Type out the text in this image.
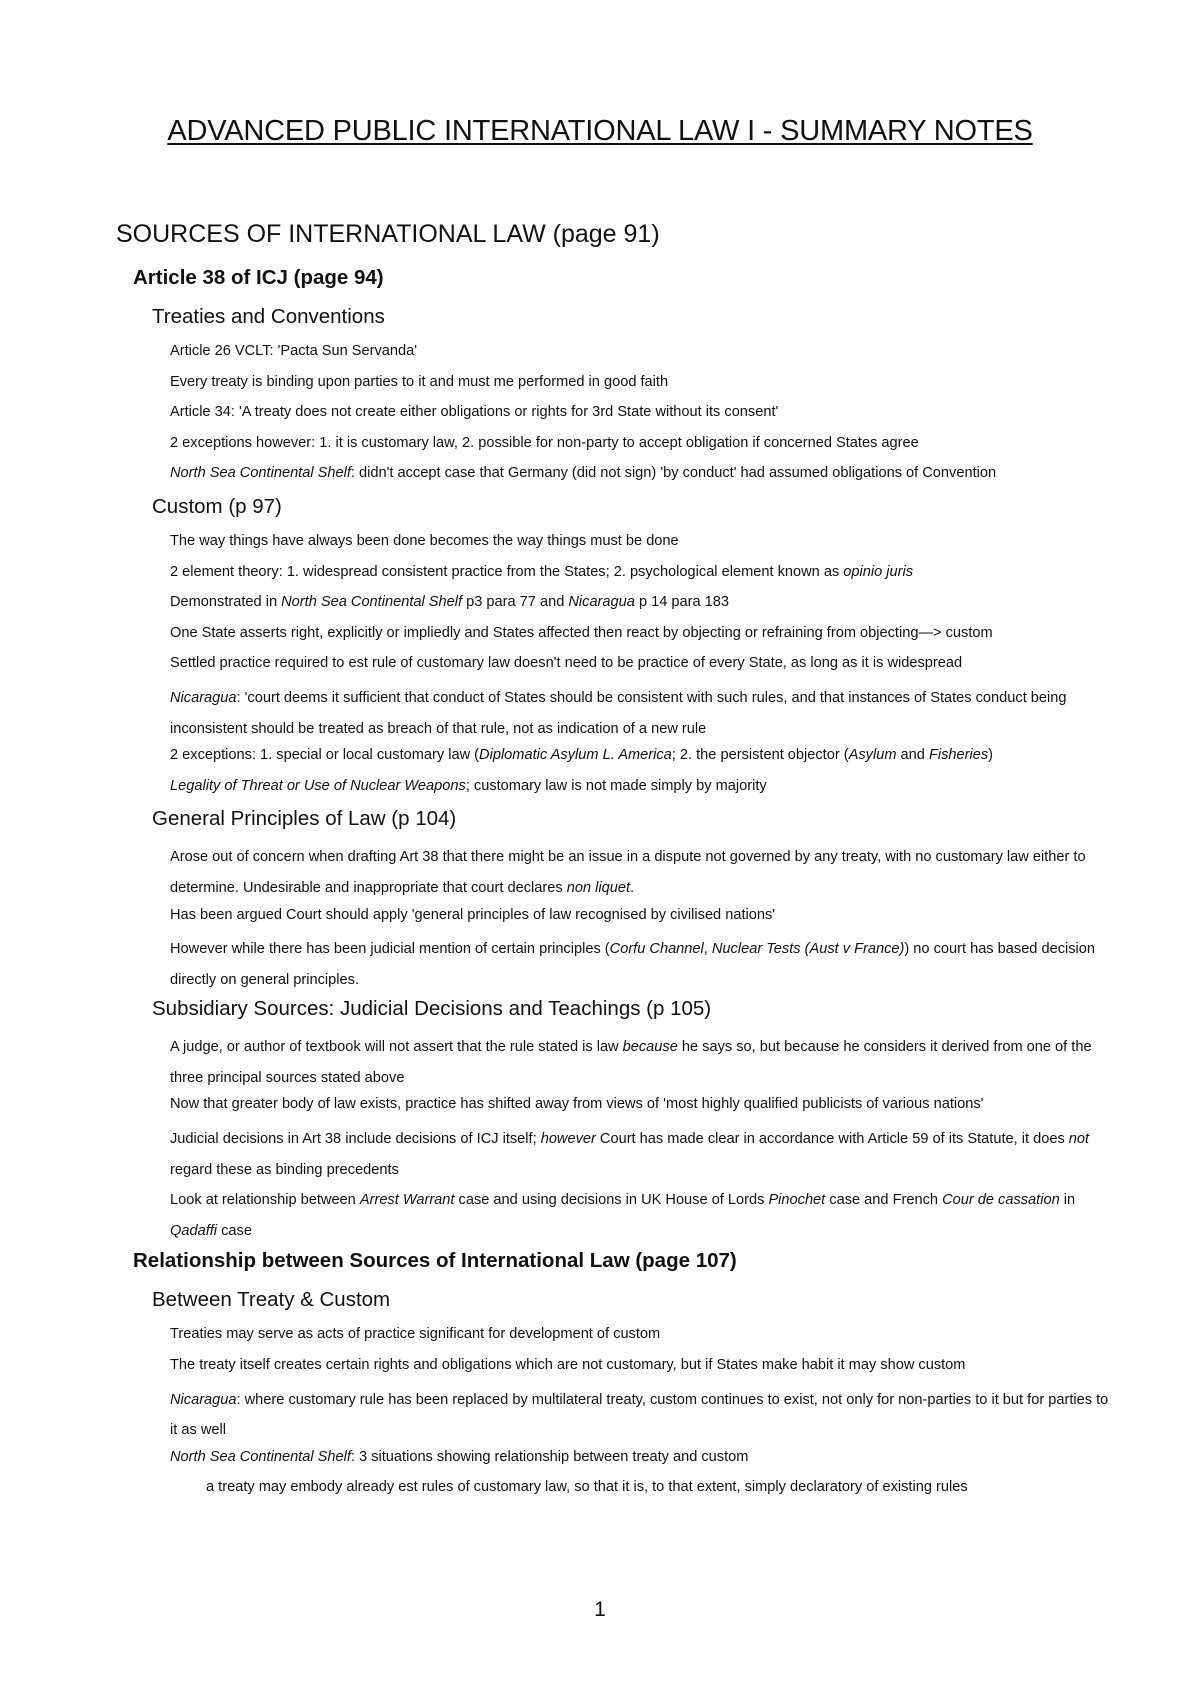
ADVANCED PUBLIC INTERNATIONAL LAW I - SUMMARY NOTES
SOURCES OF INTERNATIONAL LAW (page 91)
Article 38 of ICJ (page 94)
Treaties and Conventions
Article 26 VCLT: 'Pacta Sun Servanda'
Every treaty is binding upon parties to it and must me performed in good faith
Article 34: 'A treaty does not create either obligations or rights for 3rd State without its consent'
2 exceptions however: 1. it is customary law, 2. possible for non-party to accept obligation if concerned States agree
North Sea Continental Shelf: didn't accept case that Germany (did not sign) 'by conduct' had assumed obligations of Convention
Custom (p 97)
The way things have always been done becomes the way things must be done
2 element theory: 1. widespread consistent practice from the States; 2. psychological element known as opinio juris
Demonstrated in North Sea Continental Shelf p3 para 77 and Nicaragua p 14 para 183
One State asserts right, explicitly or impliedly and States affected then react by objecting or refraining from objecting—> custom
Settled practice required to est rule of customary law doesn't need to be practice of every State, as long as it is widespread
Nicaragua: 'court deems it sufficient that conduct of States should be consistent with such rules, and that instances of States conduct being inconsistent should be treated as breach of that rule, not as indication of a new rule
2 exceptions: 1. special or local customary law (Diplomatic Asylum L. America; 2. the persistent objector (Asylum and Fisheries)
Legality of Threat or Use of Nuclear Weapons; customary law is not made simply by majority
General Principles of Law (p 104)
Arose out of concern when drafting Art 38 that there might be an issue in a dispute not governed by any treaty, with no customary law either to determine. Undesirable and inappropriate that court declares non liquet.
Has been argued Court should apply 'general principles of law recognised by civilised nations'
However while there has been judicial mention of certain principles (Corfu Channel, Nuclear Tests (Aust v France)) no court has based decision directly on general principles.
Subsidiary Sources: Judicial Decisions and Teachings (p 105)
A judge, or author of textbook will not assert that the rule stated is law because he says so, but because he considers it derived from one of the three principal sources stated above
Now that greater body of law exists, practice has shifted away from views of 'most highly qualified publicists of various nations'
Judicial decisions in Art 38 include decisions of ICJ itself; however Court has made clear in accordance with Article 59 of its Statute, it does not regard these as binding precedents
Look at relationship between Arrest Warrant case and using decisions in UK House of Lords Pinochet case and French Cour de cassation in Qadaffi case
Relationship between Sources of International Law (page 107)
Between Treaty & Custom
Treaties may serve as acts of practice significant for development of custom
The treaty itself creates certain rights and obligations which are not customary, but if States make habit it may show custom
Nicaragua: where customary rule has been replaced by multilateral treaty, custom continues to exist, not only for non-parties to it but for parties to it as well
North Sea Continental Shelf: 3 situations showing relationship between treaty and custom
a treaty may embody already est rules of customary law, so that it is, to that extent, simply declaratory of existing rules
1
